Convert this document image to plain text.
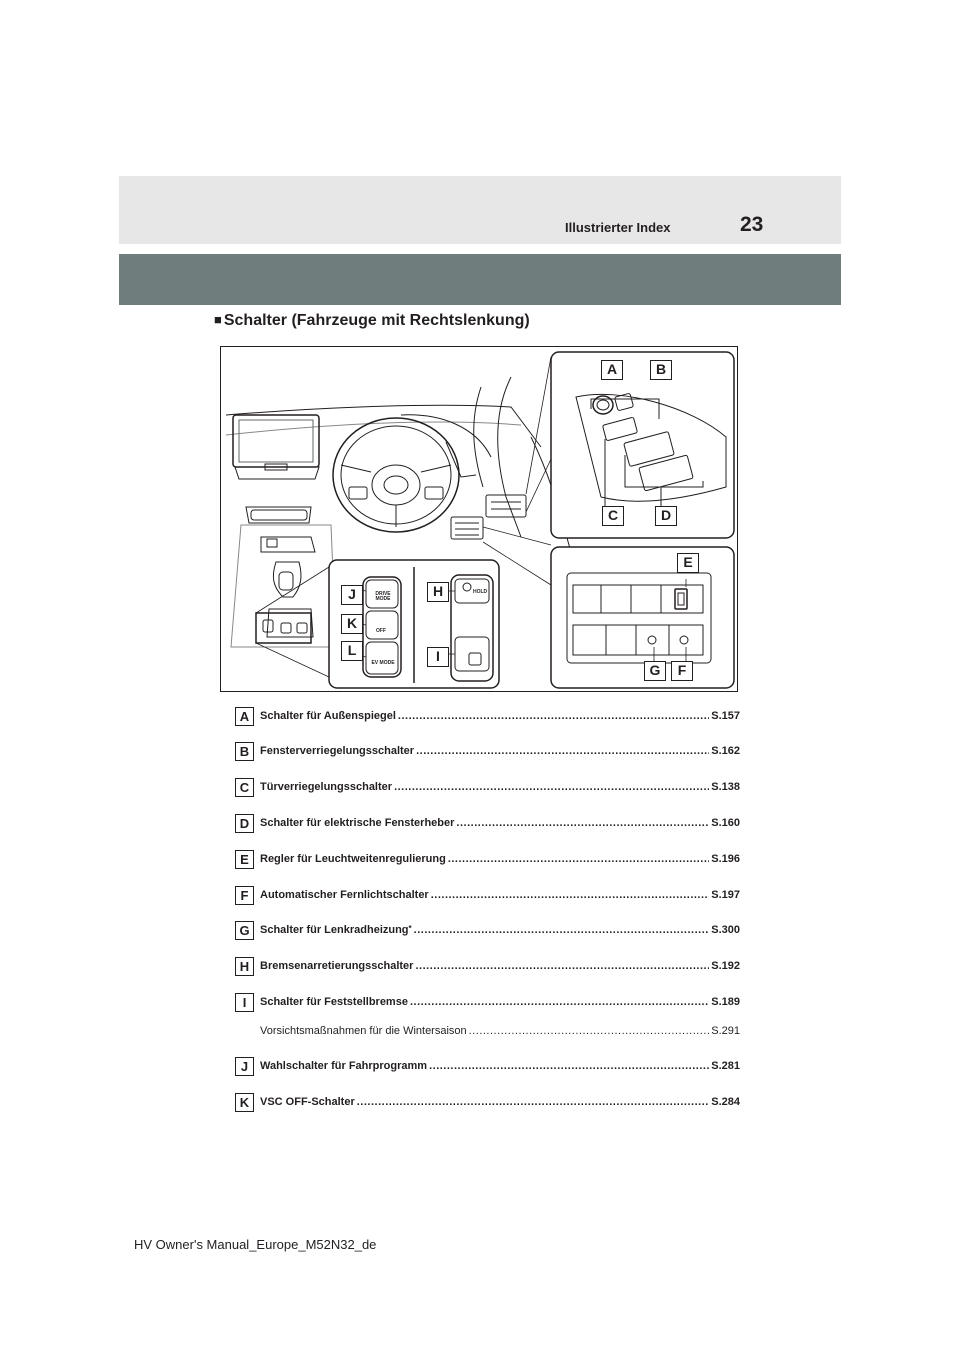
Illustrierter Index	23
■ Schalter (Fahrzeuge mit Rechtslenkung)
DRIVE MODE
OFF
EV MODE
HOLD
A	B
C	D
E
F
G
H
I
J
K
L
A Schalter für Außenspiegel .....	S.157
B Fensterverriegelungsschalter .....	S.162
C Türverriegelungsschalter .....	S.138
D Schalter für elektrische Fensterheber .....	S.160
E	Regler für Leuchtweitenregulierung .....	S.196
F	Automatischer Fernlichtschalter .....	S.197
G Schalter für Lenkradheizung * .....	S.300
H Bremsenarretierungsschalter .....	S.192
I	Schalter für Feststellbremse .....	S.189
Vorsichtsmaßnahmen für die Wintersaison .....	S.291
J	Wahlschalter für Fahrprogramm .....	S.281
K VSC OFF-Schalter .....	S.284
HV Owner's Manual_Europe_M52N32_de
